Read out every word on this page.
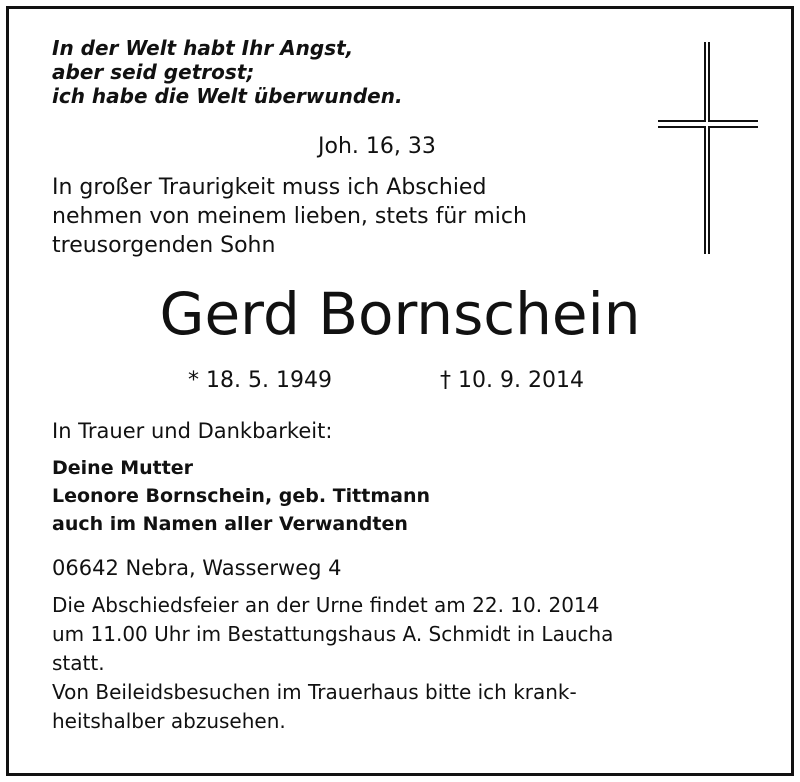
In der Welt habt Ihr Angst,
aber seid getrost;
ich habe die Welt überwunden.
Joh. 16, 33
In großer Traurigkeit muss ich Abschied
nehmen von meinem lieben, stets für mich
treusorgenden Sohn
Gerd Bornschein
* 18. 5. 1949	† 10. 9. 2014
In Trauer und Dankbarkeit:
Deine Mutter
Leonore Bornschein, geb. Tittmann
auch im Namen aller Verwandten
06642 Nebra, Wasserweg 4
Die Abschiedsfeier an der Urne findet am 22. 10. 2014
um 11.00 Uhr im Bestattungshaus A. Schmidt in Laucha
statt.
Von Beileidsbesuchen im Trauerhaus bitte ich krank-
heitshalber abzusehen.
